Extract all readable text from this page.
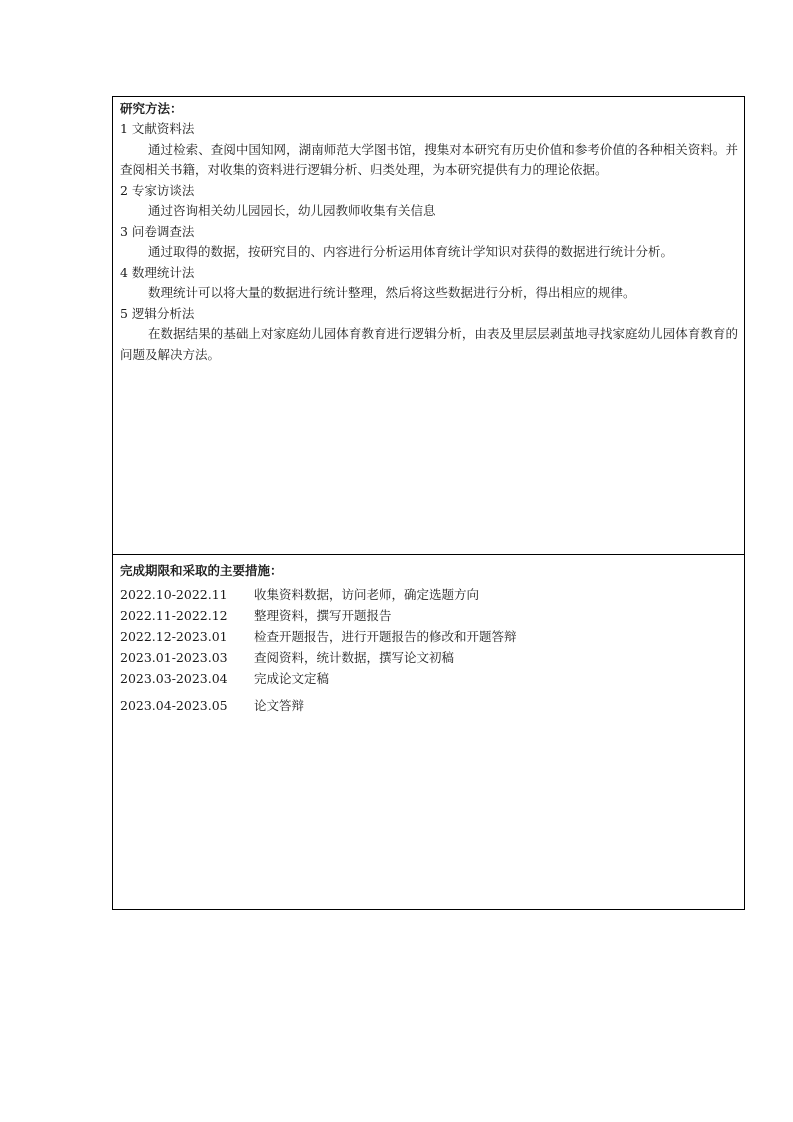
研究方法：

1 文献资料法

通过检索、查阅中国知网，湖南师范大学图书馆，搜集对本研究有历史价值和参考价值的各种相关资料。并查阅相关书籍，对收集的资料进行逻辑分析、归类处理，为本研究提供有力的理论依据。

2 专家访谈法

通过咨询相关幼儿园园长，幼儿园教师收集有关信息

3 问卷调查法

通过取得的数据，按研究目的、内容进行分析运用体育统计学知识对获得的数据进行统计分析。

4 数理统计法

数理统计可以将大量的数据进行统计整理，然后将这些数据进行分析，得出相应的规律。

5 逻辑分析法

在数据结果的基础上对家庭幼儿园体育教育进行逻辑分析，由表及里层层剥茧地寻找家庭幼儿园体育教育的问题及解决方法。

完成期限和采取的主要措施：

2022.10-2022.11	收集资料数据，访问老师，确定选题方向
2022.11-2022.12	整理资料，撰写开题报告
2022.12-2023.01	检查开题报告，进行开题报告的修改和开题答辩
2023.01-2023.03	查阅资料，统计数据，撰写论文初稿
2023.03-2023.04	完成论文定稿
2023.04-2023.05	论文答辩
